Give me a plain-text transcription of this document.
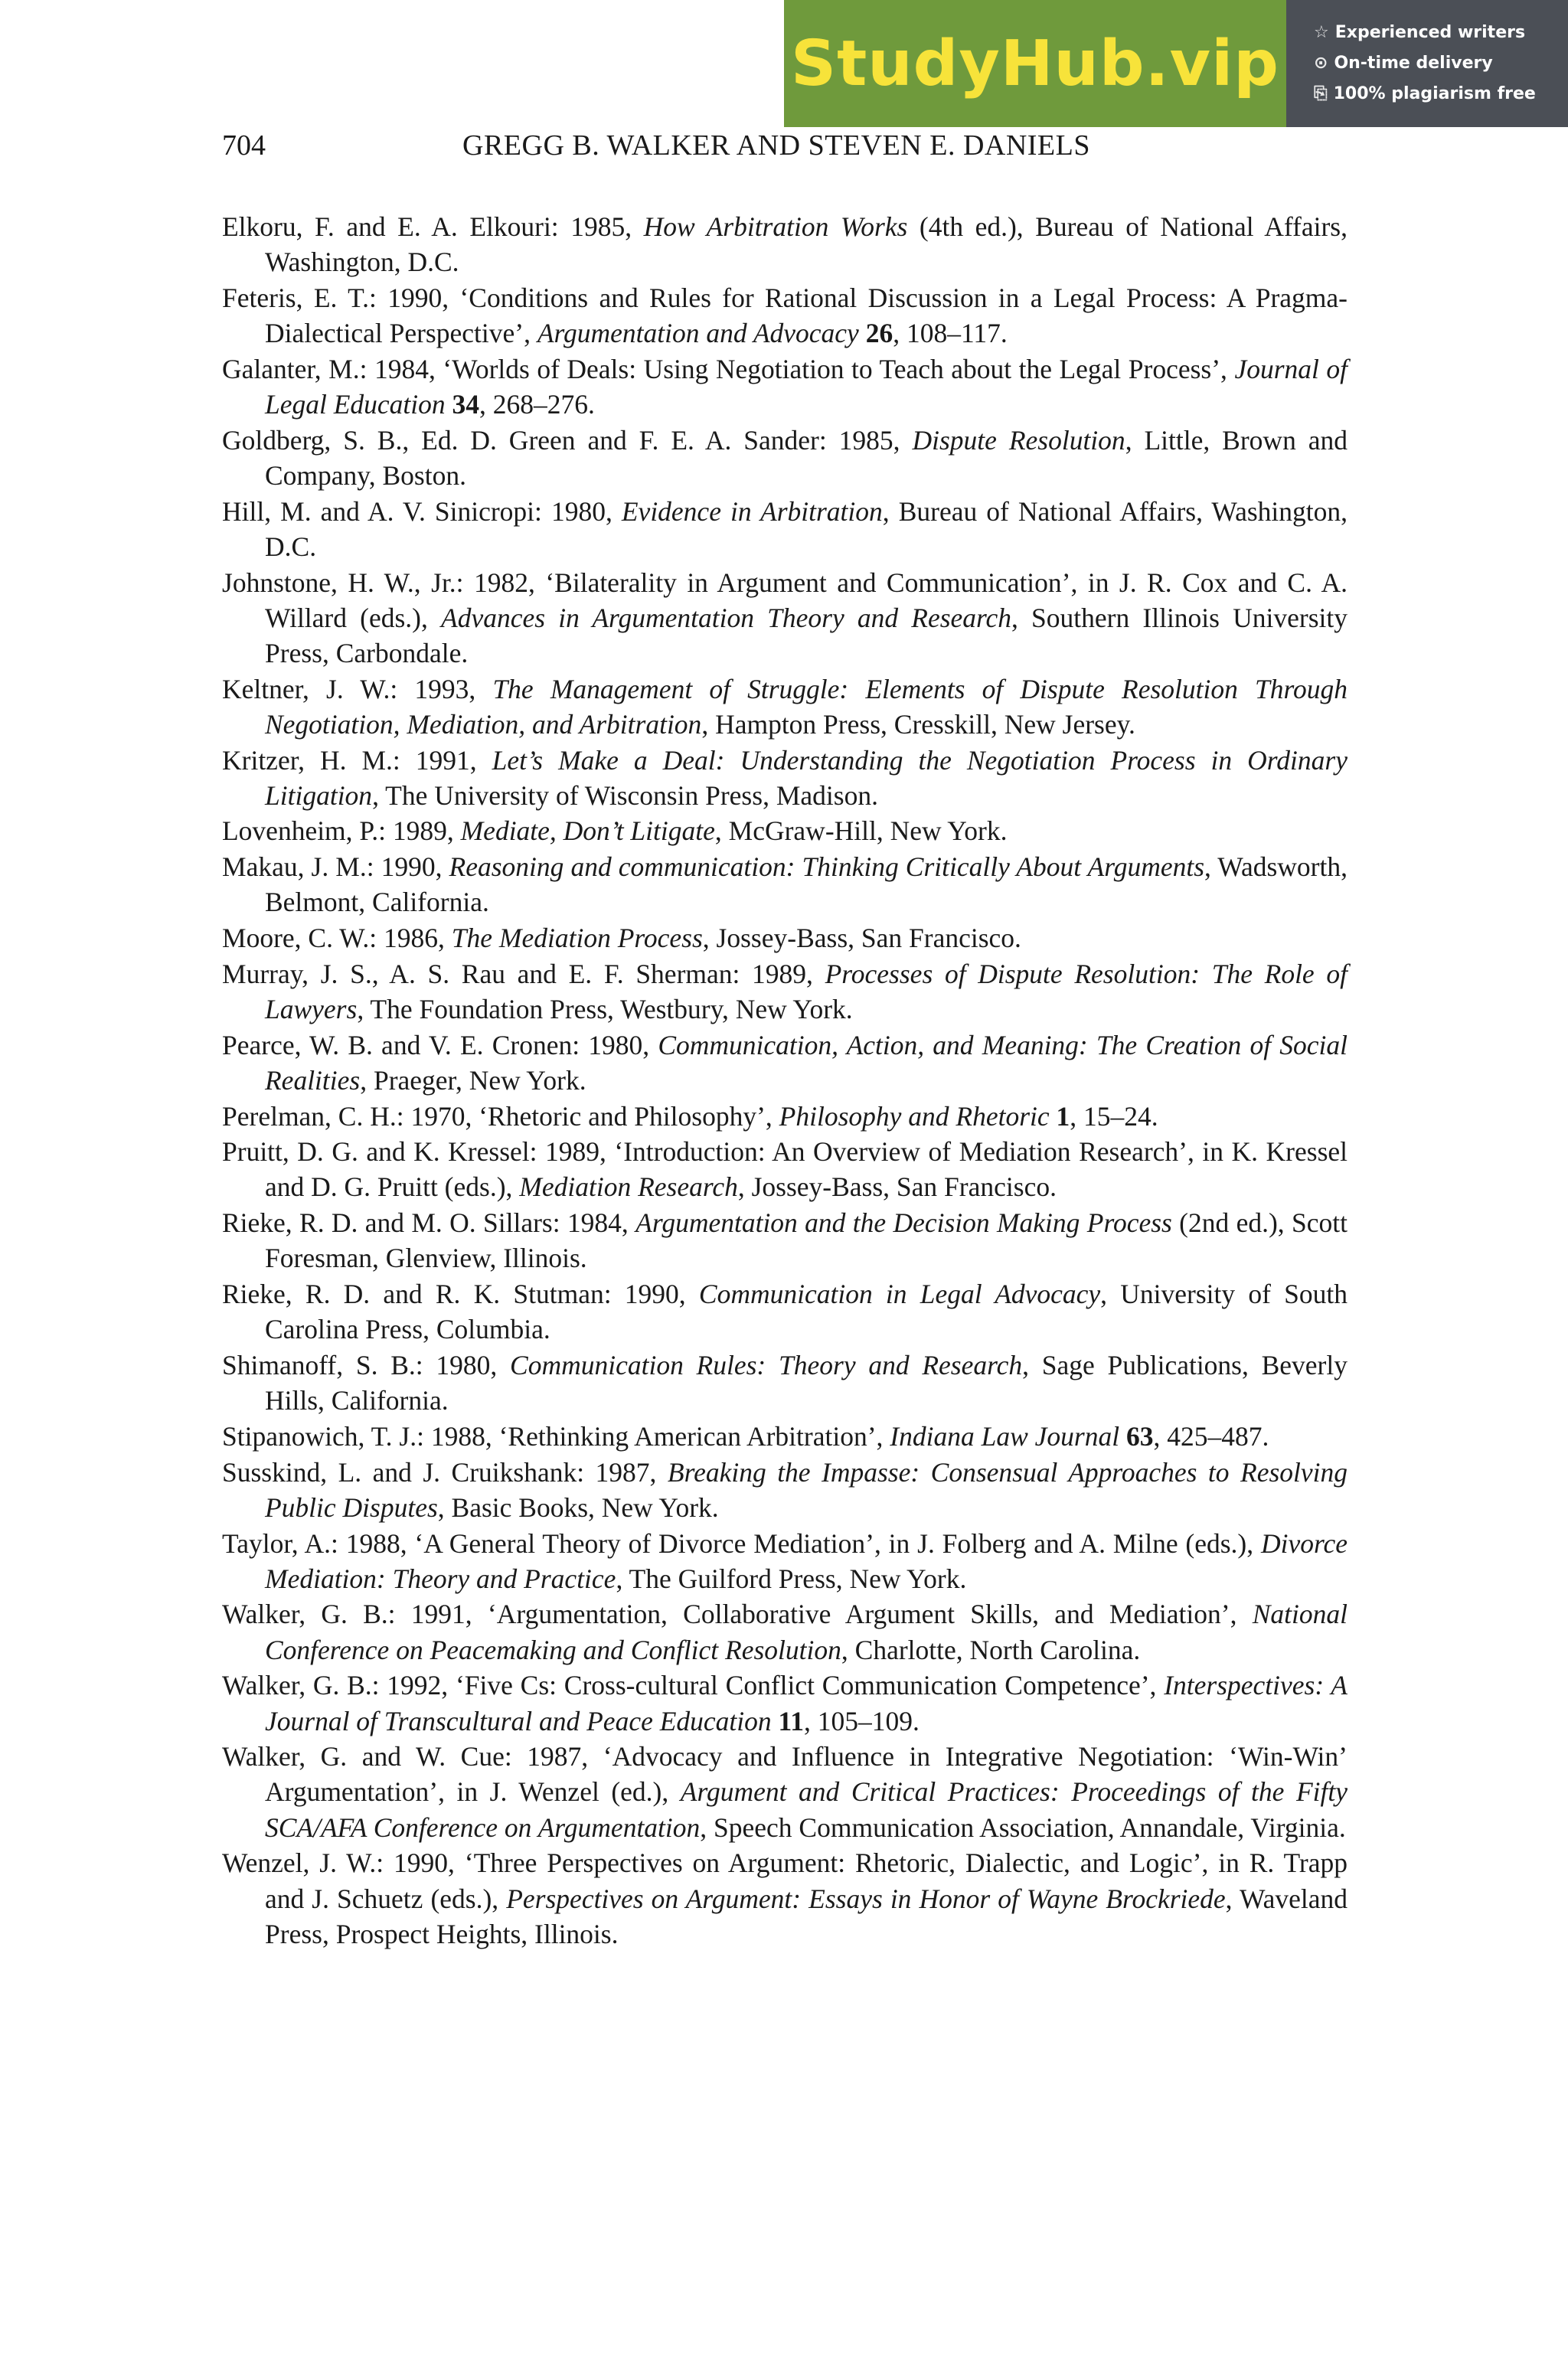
StudyHub.vip ☆ Experienced writers
⊙ On-time delivery
⎘ 100% plagiarism free
704	GREGG B. WALKER AND STEVEN E. DANIELS
Elkoru, F. and E. A. Elkouri: 1985, How Arbitration Works (4th ed.), Bureau of National Affairs, Washington, D.C.
Feteris, E. T.: 1990, ‘Conditions and Rules for Rational Discussion in a Legal Process: A Pragma-Dialectical Perspective’, Argumentation and Advocacy 26, 108–117.
Galanter, M.: 1984, ‘Worlds of Deals: Using Negotiation to Teach about the Legal Process’, Journal of Legal Education 34, 268–276.
Goldberg, S. B., Ed. D. Green and F. E. A. Sander: 1985, Dispute Resolution, Little, Brown and Company, Boston.
Hill, M. and A. V. Sinicropi: 1980, Evidence in Arbitration, Bureau of National Affairs, Washington, D.C.
Johnstone, H. W., Jr.: 1982, ‘Bilaterality in Argument and Communication’, in J. R. Cox and C. A. Willard (eds.), Advances in Argumentation Theory and Research, Southern Illinois University Press, Carbondale.
Keltner, J. W.: 1993, The Management of Struggle: Elements of Dispute Resolution Through Negotiation, Mediation, and Arbitration, Hampton Press, Cresskill, New Jersey.
Kritzer, H. M.: 1991, Let’s Make a Deal: Understanding the Negotiation Process in Ordinary Litigation, The University of Wisconsin Press, Madison.
Lovenheim, P.: 1989, Mediate, Don’t Litigate, McGraw-Hill, New York.
Makau, J. M.: 1990, Reasoning and communication: Thinking Critically About Arguments, Wadsworth, Belmont, California.
Moore, C. W.: 1986, The Mediation Process, Jossey-Bass, San Francisco.
Murray, J. S., A. S. Rau and E. F. Sherman: 1989, Processes of Dispute Resolution: The Role of Lawyers, The Foundation Press, Westbury, New York.
Pearce, W. B. and V. E. Cronen: 1980, Communication, Action, and Meaning: The Creation of Social Realities, Praeger, New York.
Perelman, C. H.: 1970, ‘Rhetoric and Philosophy’, Philosophy and Rhetoric 1, 15–24.
Pruitt, D. G. and K. Kressel: 1989, ‘Introduction: An Overview of Mediation Research’, in K. Kressel and D. G. Pruitt (eds.), Mediation Research, Jossey-Bass, San Francisco.
Rieke, R. D. and M. O. Sillars: 1984, Argumentation and the Decision Making Process (2nd ed.), Scott Foresman, Glenview, Illinois.
Rieke, R. D. and R. K. Stutman: 1990, Communication in Legal Advocacy, University of South Carolina Press, Columbia.
Shimanoff, S. B.: 1980, Communication Rules: Theory and Research, Sage Publications, Beverly Hills, California.
Stipanowich, T. J.: 1988, ‘Rethinking American Arbitration’, Indiana Law Journal 63, 425–487.
Susskind, L. and J. Cruikshank: 1987, Breaking the Impasse: Consensual Approaches to Resolving Public Disputes, Basic Books, New York.
Taylor, A.: 1988, ‘A General Theory of Divorce Mediation’, in J. Folberg and A. Milne (eds.), Divorce Mediation: Theory and Practice, The Guilford Press, New York.
Walker, G. B.: 1991, ‘Argumentation, Collaborative Argument Skills, and Mediation’, National Conference on Peacemaking and Conflict Resolution, Charlotte, North Carolina.
Walker, G. B.: 1992, ‘Five Cs: Cross-cultural Conflict Communication Competence’, Interspectives: A Journal of Transcultural and Peace Education 11, 105–109.
Walker, G. and W. Cue: 1987, ‘Advocacy and Influence in Integrative Negotiation: ‘Win-Win’ Argumentation’, in J. Wenzel (ed.), Argument and Critical Practices: Proceedings of the Fifty SCA/AFA Conference on Argumentation, Speech Communication Association, Annandale, Virginia.
Wenzel, J. W.: 1990, ‘Three Perspectives on Argument: Rhetoric, Dialectic, and Logic’, in R. Trapp and J. Schuetz (eds.), Perspectives on Argument: Essays in Honor of Wayne Brockriede, Waveland Press, Prospect Heights, Illinois.
